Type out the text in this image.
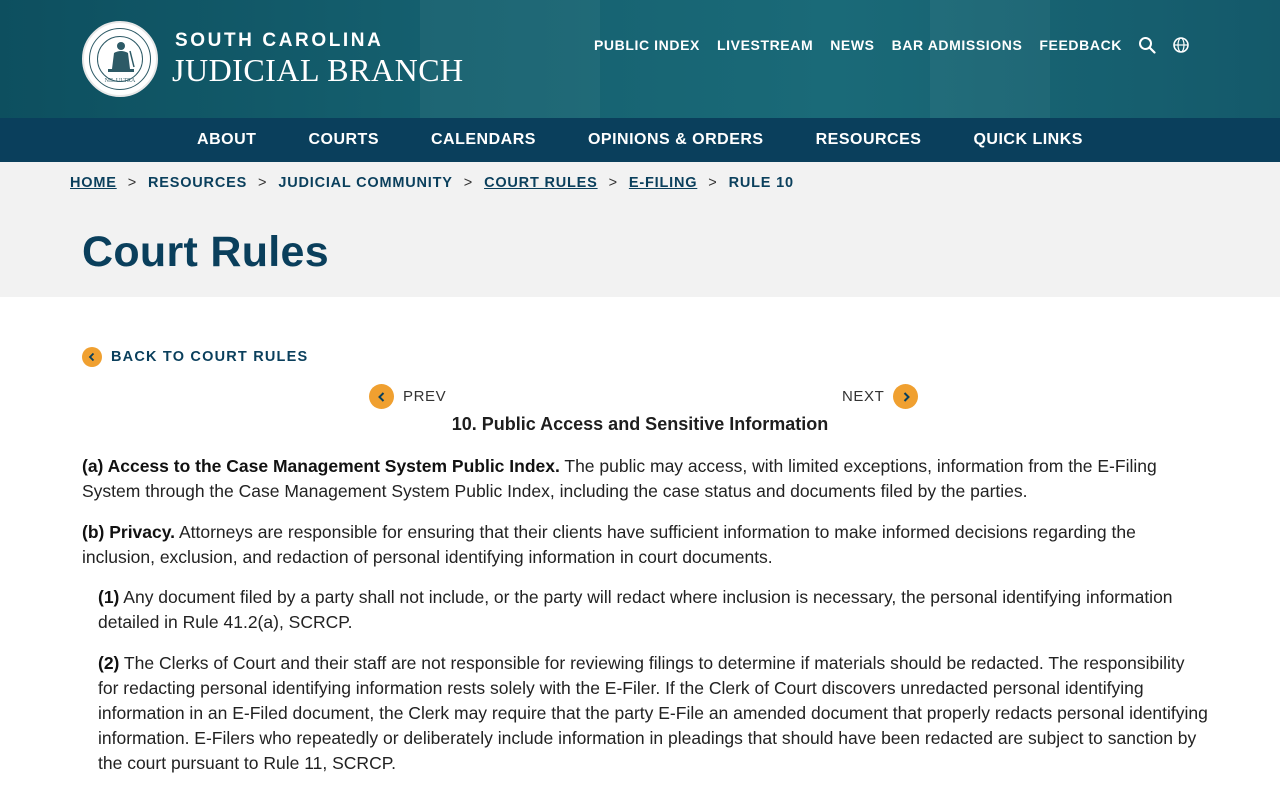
NIL ULTRA
SOUTH CAROLINA
JUDICIAL BRANCH
PUBLIC INDEX LIVESTREAM NEWS BAR ADMISSIONS FEEDBACK
ABOUT	COURTS	CALENDARS	OPINIONS & ORDERS	RESOURCES	QUICK LINKS
HOME > RESOURCES > JUDICIAL COMMUNITY > COURT RULES > E-FILING > RULE 10
Court Rules
BACK TO COURT RULES
PREV	NEXT
10. Public Access and Sensitive Information

(a) Access to the Case Management System Public Index. The public may access, with limited exceptions, information from the E-Filing System through the Case Management System Public Index, including the case status and documents filed by the parties.

(b) Privacy. Attorneys are responsible for ensuring that their clients have sufficient information to make informed decisions regarding the inclusion, exclusion, and redaction of personal identifying information in court documents.

(1) Any document filed by a party shall not include, or the party will redact where inclusion is necessary, the personal identifying information detailed in Rule 41.2(a), SCRCP.

(2) The Clerks of Court and their staff are not responsible for reviewing filings to determine if materials should be redacted. The responsibility for redacting personal identifying information rests solely with the E-Filer. If the Clerk of Court discovers unredacted personal identifying information in an E-Filed document, the Clerk may require that the party E-File an amended document that properly redacts personal identifying information. E-Filers who repeatedly or deliberately include information in pleadings that should have been redacted are subject to sanction by the court pursuant to Rule 11, SCRCP.
